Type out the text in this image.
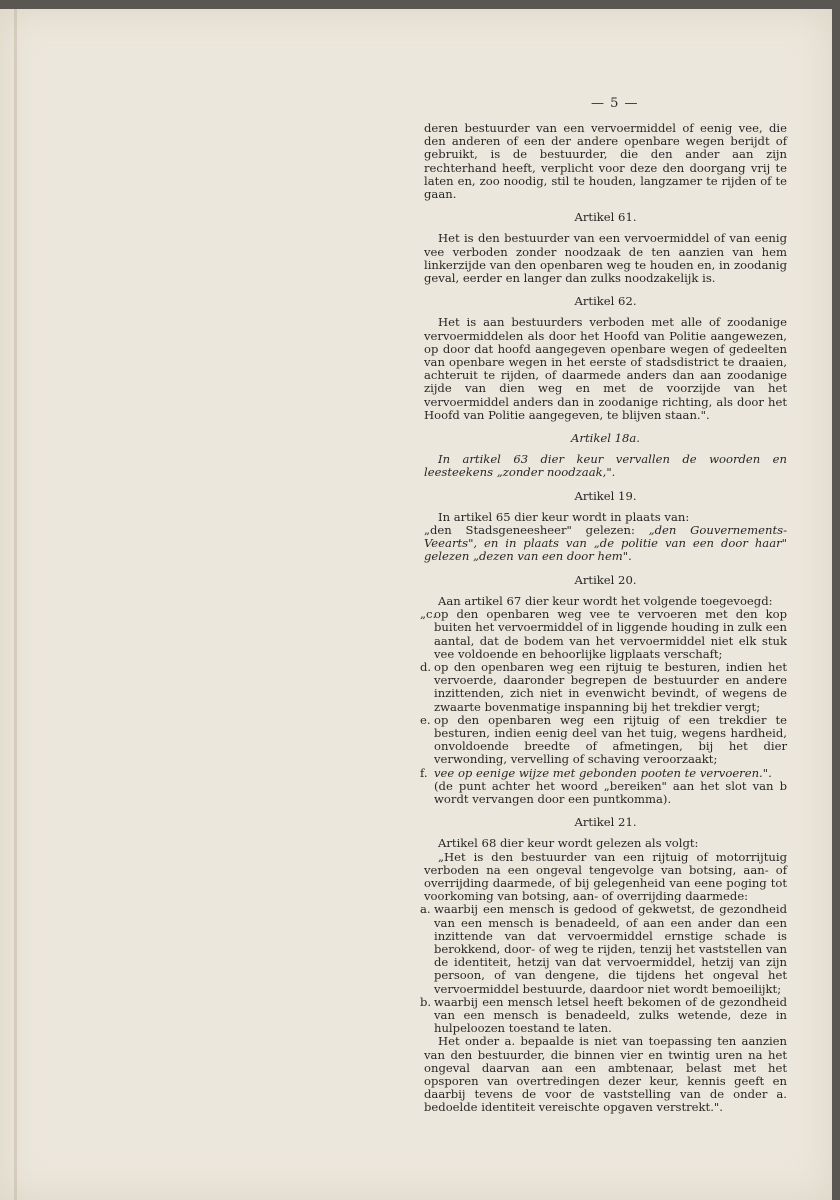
— 5 —

deren bestuurder van een vervoermiddel of eenig vee, die den anderen of een der andere openbare wegen berijdt of gebruikt, is de bestuurder, die den ander aan zijn rechterhand heeft, verplicht voor deze den doorgang vrij te laten en, zoo noodig, stil te houden, langzamer te rijden of te gaan.

Artikel 61.

Het is den bestuurder van een vervoermiddel of van eenig vee verboden zonder noodzaak de ten aanzien van hem linkerzijde van den openbaren weg te houden en, in zoodanig geval, eerder en langer dan zulks noodzakelijk is.

Artikel 62.

Het is aan bestuurders verboden met alle of zoodanige vervoermiddelen als door het Hoofd van Politie aangewezen, op door dat hoofd aangegeven openbare wegen of gedeelten van openbare wegen in het eerste of stadsdistrict te draaien, achteruit te rijden, of daarmede anders dan aan zoodanige zijde van dien weg en met de voorzijde van het vervoermiddel anders dan in zoodanige richting, als door het Hoofd van Politie aangegeven, te blijven staan.".

Artikel 18a.

In artikel 63 dier keur vervallen de woorden en leesteekens „zonder noodzaak,".

Artikel 19.

In artikel 65 dier keur wordt in plaats van:

„den Stadsgeneesheer" gelezen: „den Gouvernements-Veearts", en in plaats van „de politie van een door haar" gelezen „dezen van een door hem".

Artikel 20.

Aan artikel 67 dier keur wordt het volgende toegevoegd:

„c.
op den openbaren weg vee te vervoeren met den kop buiten het vervoermiddel of in liggende houding in zulk een aantal, dat de bodem van het vervoermiddel niet elk stuk vee voldoende en behoorlijke ligplaats verschaft;
d. op den openbaren weg een rijtuig te besturen, indien het vervoerde, daaronder begrepen de bestuurder en andere inzittenden, zich niet in evenwicht bevindt, of wegens de zwaarte bovenmatige inspanning bij het trekdier vergt;
e. op den openbaren weg een rijtuig of een trekdier te besturen, indien eenig deel van het tuig, wegens hardheid, onvoldoende breedte of afmetingen, bij het dier verwonding, vervelling of schaving veroorzaakt;
f. vee op eenige wijze met gebonden pooten te vervoeren.".

(de punt achter het woord „bereiken" aan het slot van b wordt vervangen door een puntkomma).

Artikel 21.

Artikel 68 dier keur wordt gelezen als volgt:

„Het is den bestuurder van een rijtuig of motorrijtuig verboden na een ongeval tengevolge van botsing, aan- of overrijding daarmede, of bij gelegenheid van eene poging tot voorkoming van botsing, aan- of overrijding daarmede:

a. waarbij een mensch is gedood of gekwetst, de gezondheid van een mensch is benadeeld, of aan een ander dan een inzittende van dat vervoermiddel ernstige schade is berokkend, door- of weg te rijden, tenzij het vaststellen van de identiteit, hetzij van dat vervoermiddel, hetzij van zijn persoon, of van dengene, die tijdens het ongeval het vervoermiddel bestuurde, daardoor niet wordt bemoeilijkt;
b. waarbij een mensch letsel heeft bekomen of de gezondheid van een mensch is benadeeld, zulks wetende, deze in hulpeloozen toestand te laten.

Het onder a. bepaalde is niet van toepassing ten aanzien van den bestuurder, die binnen vier en twintig uren na het ongeval daarvan aan een ambtenaar, belast met het opsporen van overtredingen dezer keur, kennis geeft en daarbij tevens de voor de vaststelling van de onder a. bedoelde identiteit vereischte opgaven verstrekt.".
